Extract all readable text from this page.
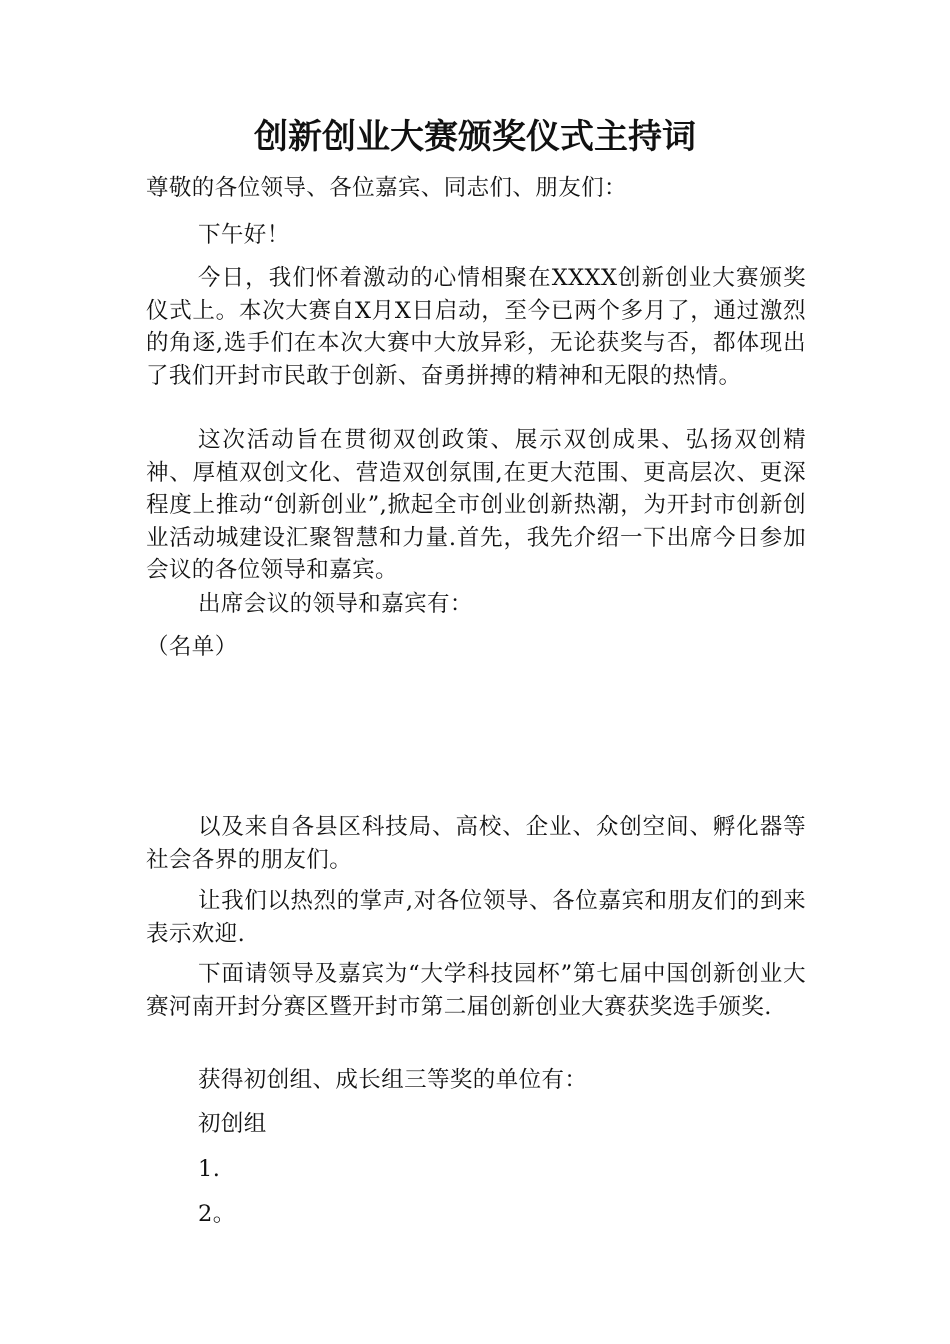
创新创业大赛颁奖仪式主持词

尊敬的各位领导、各位嘉宾、同志们、朋友们：

下午好！

今日，我们怀着激动的心情相聚在XXXX创新创业大赛颁奖仪式上。本次大赛自X月X日启动，至今已两个多月了，通过激烈的角逐,选手们在本次大赛中大放异彩，无论获奖与否，都体现出了我们开封市民敢于创新、奋勇拼搏的精神和无限的热情。

这次活动旨在贯彻双创政策、展示双创成果、弘扬双创精神、厚植双创文化、营造双创氛围,在更大范围、更高层次、更深程度上推动“创新创业”,掀起全市创业创新热潮，为开封市创新创业活动城建设汇聚智慧和力量.首先，我先介绍一下出席今日参加会议的各位领导和嘉宾。

出席会议的领导和嘉宾有：

（名单）

以及来自各县区科技局、高校、企业、众创空间、孵化器等社会各界的朋友们。

让我们以热烈的掌声,对各位领导、各位嘉宾和朋友们的到来表示欢迎.

下面请领导及嘉宾为“大学科技园杯”第七届中国创新创业大赛河南开封分赛区暨开封市第二届创新创业大赛获奖选手颁奖.

获得初创组、成长组三等奖的单位有：

初创组

1.

2。
